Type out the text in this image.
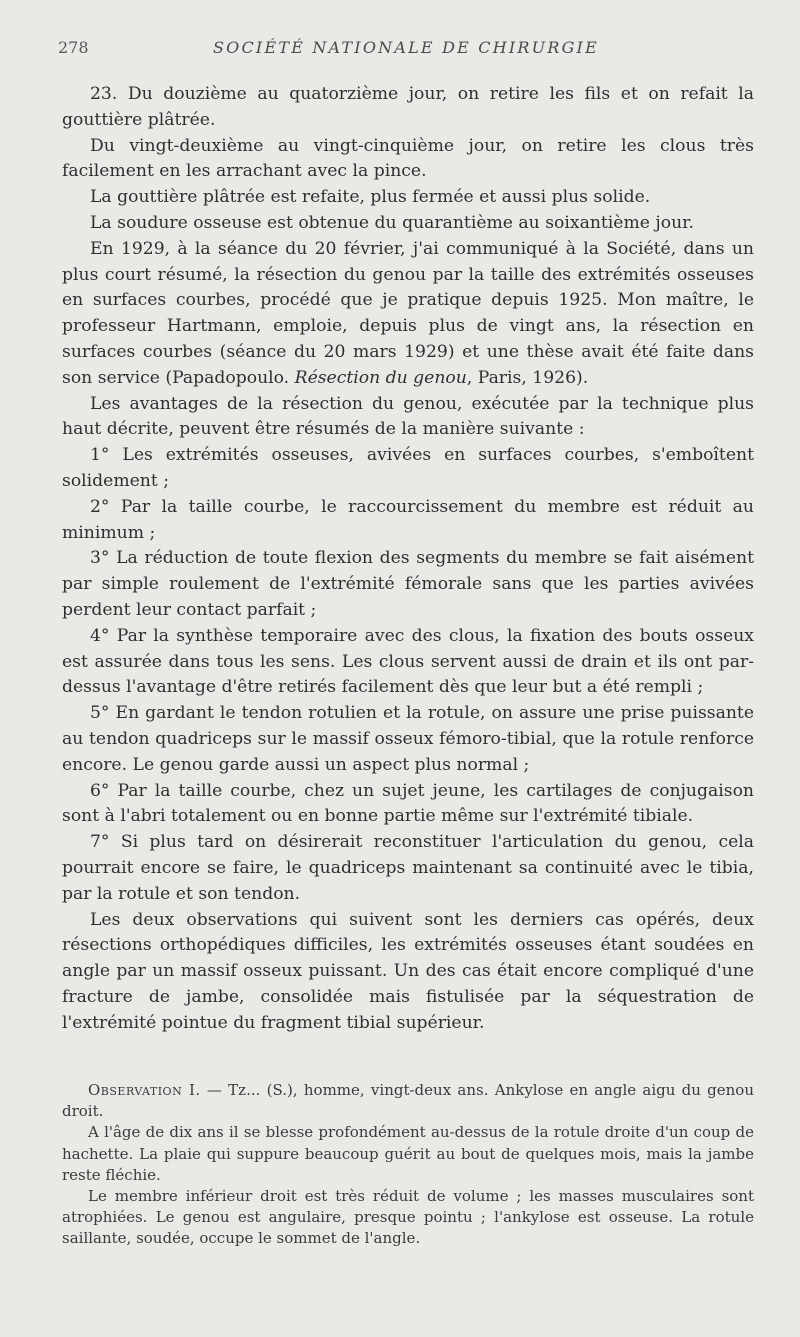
278	SOCIÉTÉ NATIONALE DE CHIRURGIE

23. Du douzième au quatorzième jour, on retire les fils et on refait la gouttière plâtrée.

Du vingt-deuxième au vingt-cinquième jour, on retire les clous très facilement en les arrachant avec la pince.

La gouttière plâtrée est refaite, plus fermée et aussi plus solide.

La soudure osseuse est obtenue du quarantième au soixantième jour.

En 1929, à la séance du 20 février, j'ai communiqué à la Société, dans un plus court résumé, la résection du genou par la taille des extrémités osseuses en surfaces courbes, procédé que je pratique depuis 1925. Mon maître, le professeur Hartmann, emploie, depuis plus de vingt ans, la résection en surfaces courbes (séance du 20 mars 1929) et une thèse avait été faite dans son service (Papadopoulo. Résection du genou, Paris, 1926).

Les avantages de la résection du genou, exécutée par la technique plus haut décrite, peuvent être résumés de la manière suivante :

1° Les extrémités osseuses, avivées en surfaces courbes, s'emboîtent solidement ;

2° Par la taille courbe, le raccourcissement du membre est réduit au minimum ;

3° La réduction de toute flexion des segments du membre se fait aisément par simple roulement de l'extrémité fémorale sans que les parties avivées perdent leur contact parfait ;

4° Par la synthèse temporaire avec des clous, la fixation des bouts osseux est assurée dans tous les sens. Les clous servent aussi de drain et ils ont par-dessus l'avantage d'être retirés facilement dès que leur but a été rempli ;

5° En gardant le tendon rotulien et la rotule, on assure une prise puissante au tendon quadriceps sur le massif osseux fémoro-tibial, que la rotule renforce encore. Le genou garde aussi un aspect plus normal ;

6° Par la taille courbe, chez un sujet jeune, les cartilages de conjugaison sont à l'abri totalement ou en bonne partie même sur l'extrémité tibiale.

7° Si plus tard on désirerait reconstituer l'articulation du genou, cela pourrait encore se faire, le quadriceps maintenant sa continuité avec le tibia, par la rotule et son tendon.

Les deux observations qui suivent sont les derniers cas opérés, deux résections orthopédiques difficiles, les extrémités osseuses étant soudées en angle par un massif osseux puissant. Un des cas était encore compliqué d'une fracture de jambe, consolidée mais fistulisée par la séquestration de l'extrémité pointue du fragment tibial supérieur.

Observation I. — Tz... (S.), homme, vingt-deux ans. Ankylose en angle aigu du genou droit.

A l'âge de dix ans il se blesse profondément au-dessus de la rotule droite d'un coup de hachette. La plaie qui suppure beaucoup guérit au bout de quelques mois, mais la jambe reste fléchie.

Le membre inférieur droit est très réduit de volume ; les masses musculaires sont atrophiées. Le genou est angulaire, presque pointu ; l'ankylose est osseuse. La rotule saillante, soudée, occupe le sommet de l'angle.
